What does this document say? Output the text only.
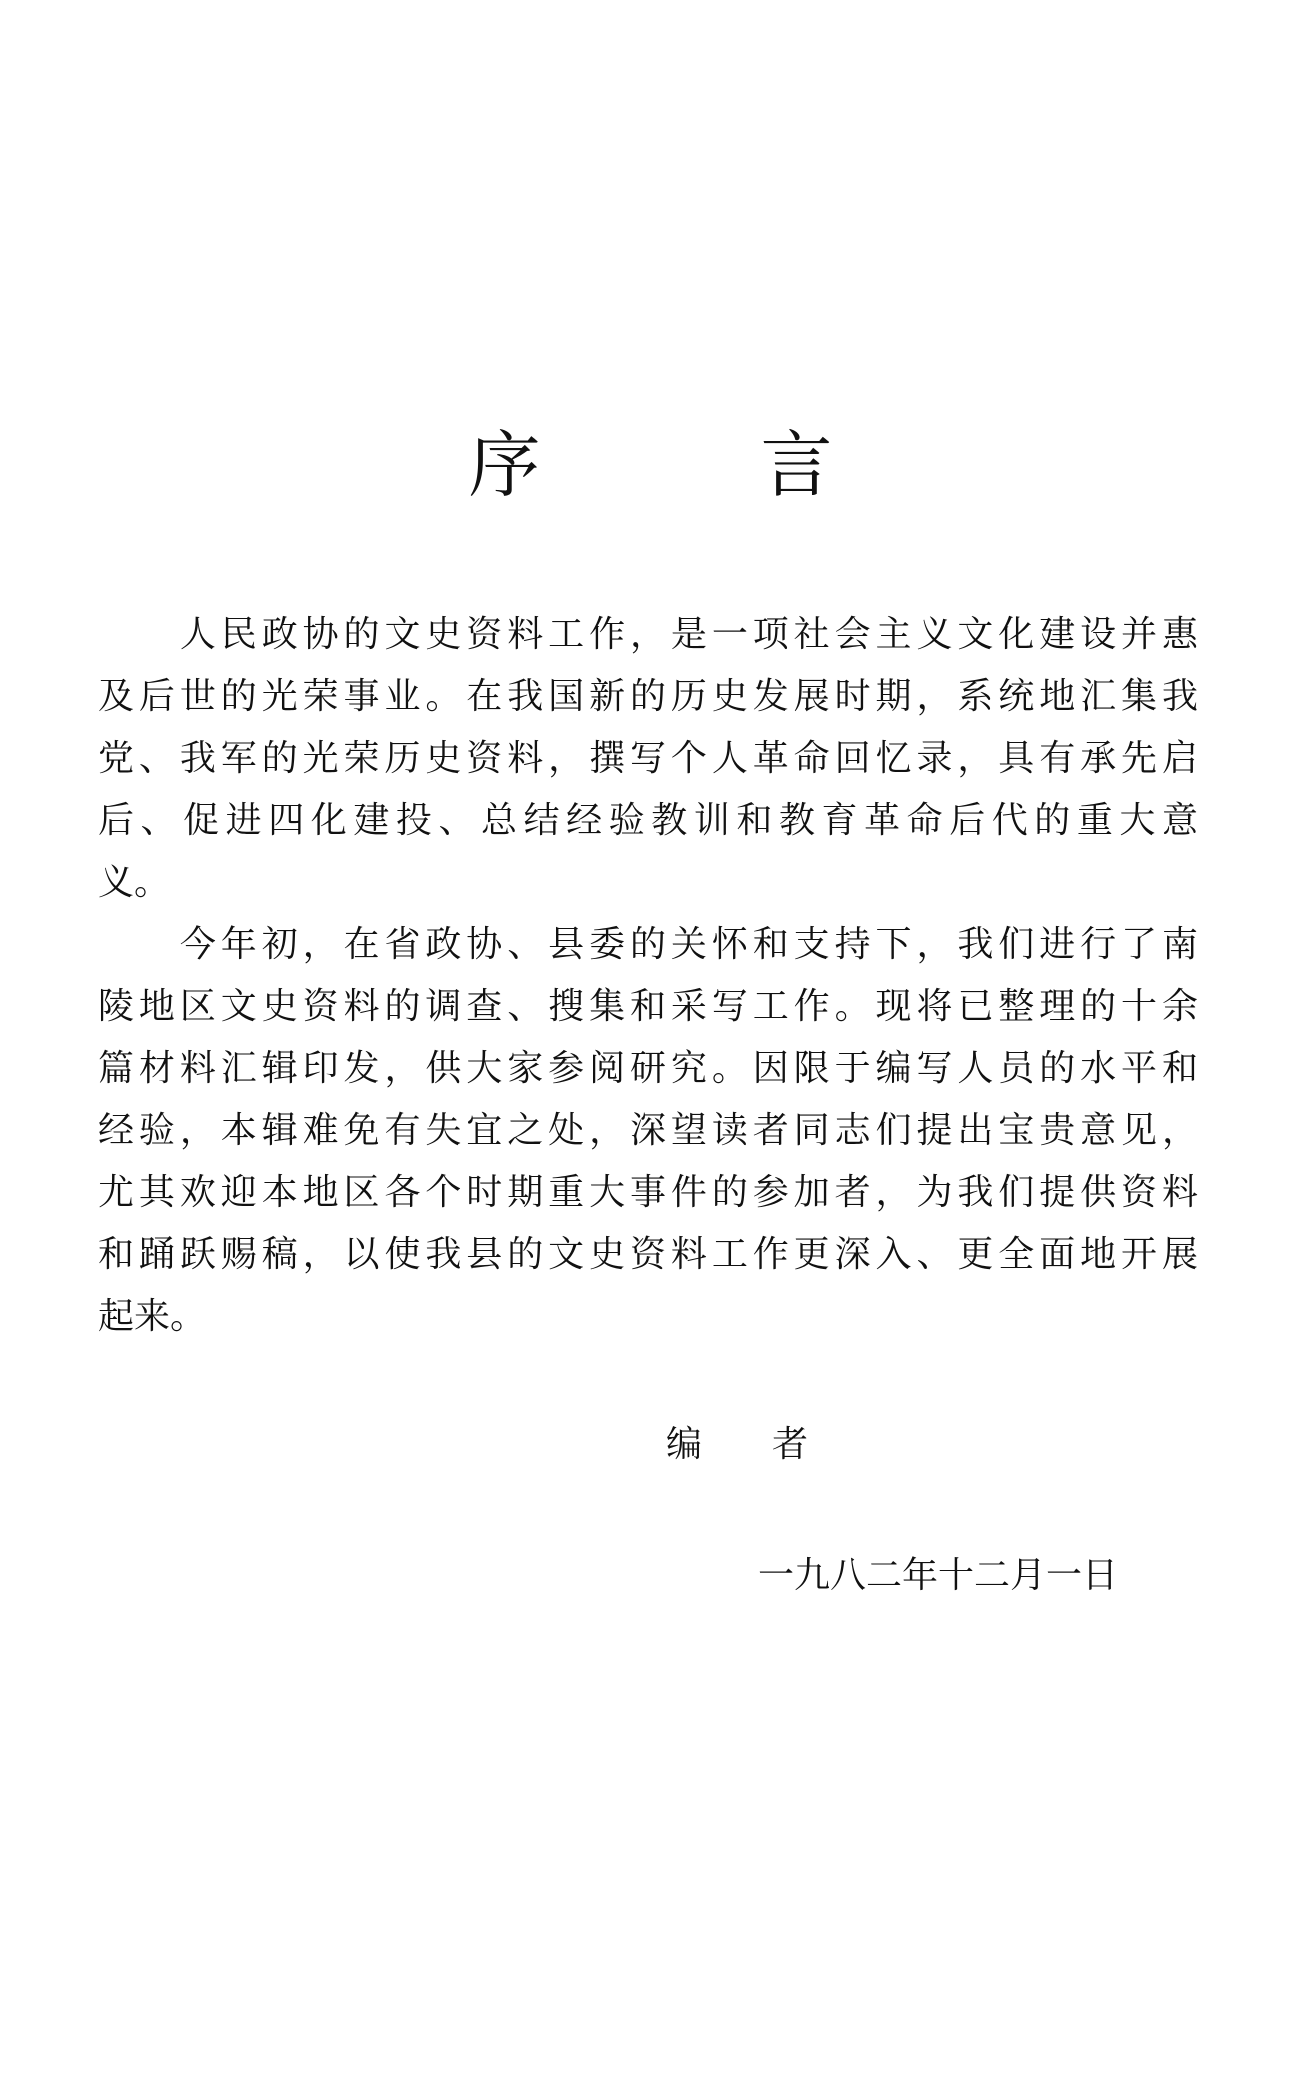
序	言
　　人民政协的文史资料工作，是一项社会主义文化建设并惠
及后世的光荣事业。在我国新的历史发展时期，系统地汇集我
党、我军的光荣历史资料，撰写个人革命回忆录，具有承先启
后、促进四化建投、总结经验教训和教育革命后代的重大意
义。
　　今年初，在省政协、县委的关怀和支持下，我们进行了南
陵地区文史资料的调查、搜集和采写工作。现将已整理的十余
篇材料汇辑印发，供大家参阅研究。因限于编写人员的水平和
经验，本辑难免有失宜之处，深望读者同志们提出宝贵意见，
尤其欢迎本地区各个时期重大事件的参加者，为我们提供资料
和踊跃赐稿，以使我县的文史资料工作更深入、更全面地开展
起来。
编 者
一九八二年十二月一日
